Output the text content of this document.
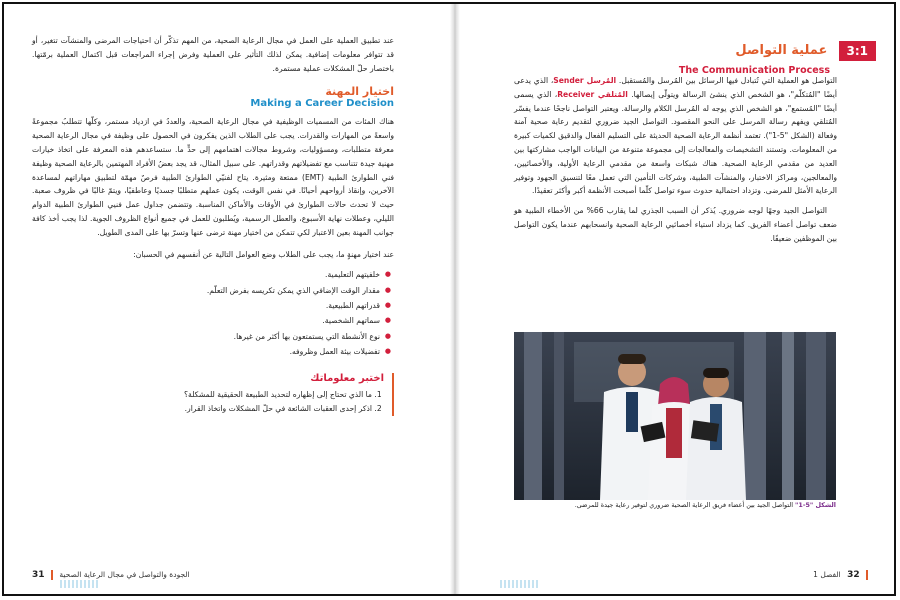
عند تطبيق العملية على العمل في مجال الرعاية الصحية، من المهم تذكّر أن احتياجات المرضى والمنشآت تتغير، أو قد تتوافر معلومات إضافية. يمكن لذلك التأثير على العملية وفرض إجراء المراجعات قبل اكتمال العملية برمّتها. باختصار حلّ المشكلات عملية مستمرة.

اختيار المهنة
Making a Career Decision

هناك المئات من المسميات الوظيفية في مجال الرعاية الصحية، والعددُ في ازدياد مستمر، وكلّها تتطلبُ مجموعةً واسعةً من المهارات والقدرات. يجب على الطلاب الذين يفكرون في الحصول على وظيفة في مجال الرعاية الصحية معرفة متطلبات، ومسؤوليات، وشروط مجالات اهتمامهم إلى حدٍّ ما. ستساعدهم هذه المعرفة على اتخاذ خيارات مهنية جيدة تتناسب مع تفضيلاتهم وقدراتهم. على سبيل المثال، قد يجد بعضُ الأفراد المهتمين بالرعاية الصحية وظيفة فني الطوارئ الطبية (EMT) ممتعة ومثيرة. يتاح لفنيّي الطوارئ الطبية فرصٌ مهمّة لتطبيق مهاراتهم لمساعدة الآخرين، وإنقاذ أرواحهم أحيانًا. في نفس الوقت، يكون عملهم متطلبًا جسديًا وعاطفيًا، ويتمّ غالبًا في ظروف صعبة. حيث لا تحدث حالات الطوارئ في الأوقات والأماكن المناسبة. وتتضمن جداول عمل فنيي الطوارئ الطبية الدوام الليلي، وعطلات نهاية الأسبوع، والعطل الرسمية، ويُطلبون للعمل في جميع أنواع الظروف الجوية. لذا يجب أخذ كافة جوانب المهنة بعين الاعتبار لكي تتمكن من اختيار مهنة ترضى عنها وتسرّ بها على المدى الطويل.

عند اختيار مهنةٍ ما، يجب على الطلاب وضع العوامل التالية عن أنفسهم في الحسبان:

● خلفيتهم التعليمية.
● مقدار الوقت الإضافي الذي يمكن تكريسه بفرض التعلّم.
● قدراتهم الطبيعية.
● سماتهم الشخصية.
● نوع الأنشطة التي يستمتعون بها أكثر من غيرها.
● تفضيلات بيئة العمل وظروفه.
اختبر معلوماتك
1. ما الذي تحتاج إلى إظهاره لتحديد الطبيعة الحقيقية للمشكلة؟
2. اذكر إحدى العقبات الشائعة في حلّ المشكلات واتخاذ القرار.
الجودة والتواصل في مجال الرعاية الصحية  31
3:1 عملية التواصل
The Communication Process

التواصل هو العملية التي تُتبادل فيها الرسائل بين المُرسل والمُستقبل. المُرسل Sender، الذي يدعى أيضًا "المُتكلّم"، هو الشخص الذي ينشئ الرسالة ويتولّى إيصالها. المُتلقي Receiver، الذي يسمى أيضًا "المُستمع"، هو الشخص الذي يوجه له المُرسل الكلام والرسالة. ويعتبر التواصل ناجحًا عندما يفسّر المُتلقي ويفهم رسالة المرسل على النحو المقصود. التواصل الجيد ضروري لتقديم رعاية صحية آمنة وفعالة (الشكل "5-1"). تعتمد أنظمة الرعاية الصحية الحديثة على التسليم الفعال والدقيق لكميات كبيرة من المعلومات. وتستند التشخيصات والمعالجات إلى مجموعة متنوعة من البيانات الواجب مشاركتها بين العديد من مقدمي الرعاية الصحية. هناك شبكات واسعة من مقدمي الرعاية الأولية، والأخصائيين، والمعالجين، ومراكز الاختبار، والمنشآت الطبية، وشركات التأمين التي تعمل معًا لتنسيق الجهود وتوفير الرعاية الأمثل للمرضى. وتزداد احتمالية حدوث سوء تواصل كلّما أصبحت الأنظمة أكبر وأكثر تعقيدًا.

التواصل الجيد وجهًا لوجه ضروري. يُذكر أن السبب الجذري لما يقارب 66% من الأخطاء الطبية هو ضعف تواصل أعضاء الفريق. كما يزداد استياء أخصائيي الرعاية الصحية وانسحابهم عندما يكون التواصل بين الموظفين ضعيفًا.

الشكل "5-1" التواصل الجيد بين أعضاء فريق الرعاية الصحية ضروري لتوفير رعاية جيدة للمرضى.
32 الفصل 1
